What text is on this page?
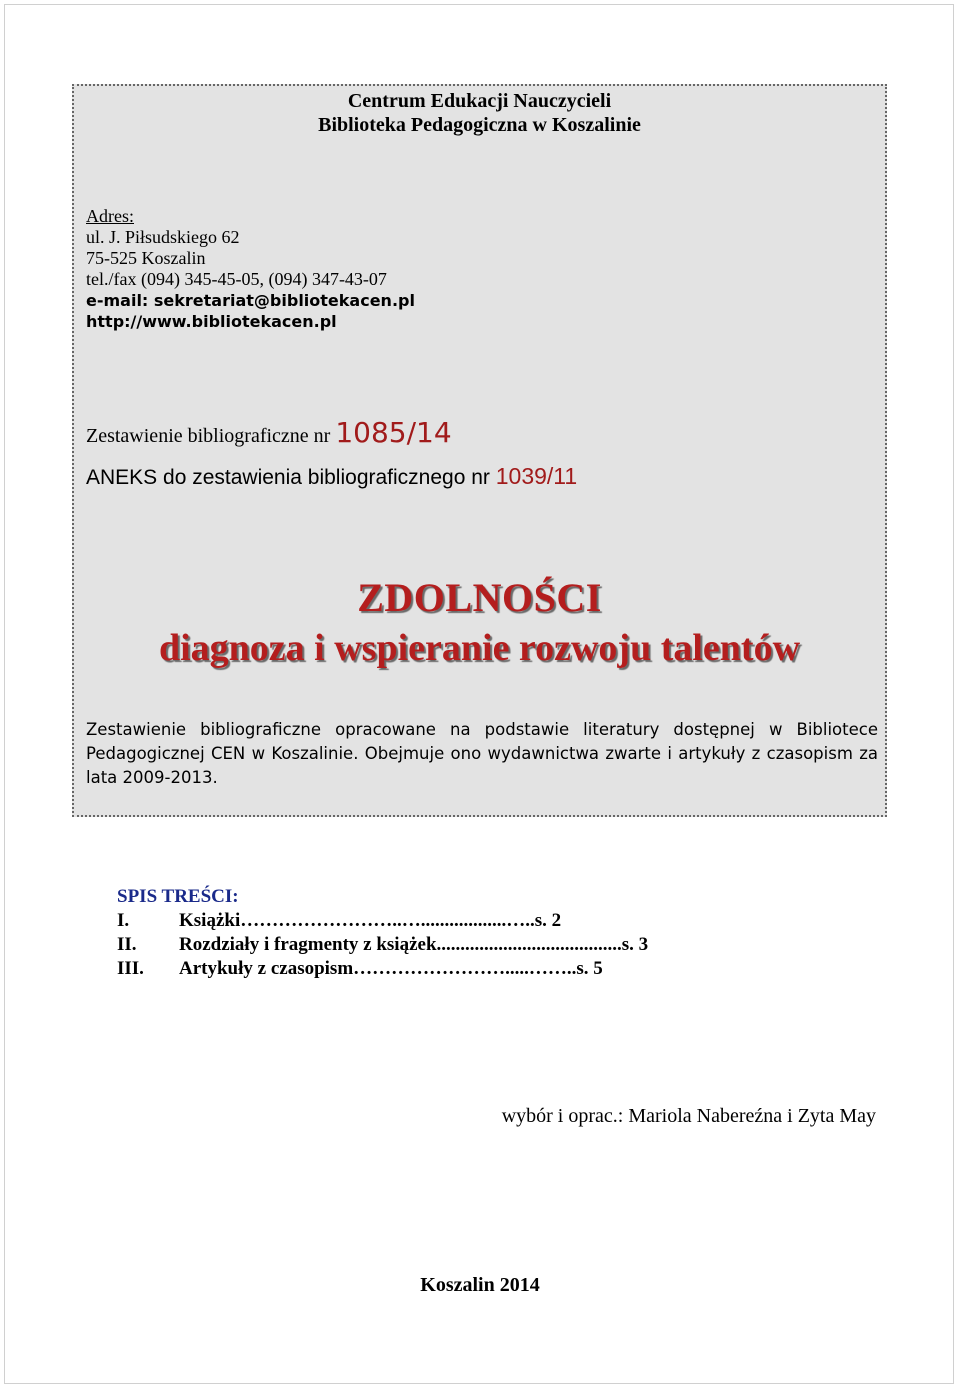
Centrum Edukacji Nauczycieli
Biblioteka Pedagogiczna w Koszalinie
Adres:
ul. J. Piłsudskiego 62
75-525 Koszalin
tel./fax (094) 345-45-05, (094) 347-43-07
e-mail: sekretariat@bibliotekacen.pl
http://www.bibliotekacen.pl
Zestawienie bibliograficzne nr 1085/14
ANEKS do zestawienia bibliograficznego nr 1039/11
ZDOLNOŚCI
diagnoza i wspieranie rozwoju talentów
Zestawienie bibliograficzne opracowane na podstawie literatury dostępnej w Bibliotece Pedagogicznej CEN w Koszalinie. Obejmuje ono wydawnictwa zwarte i artykuły z czasopism za lata 2009-2013.
SPIS TREŚCI:
I.	Książki……………………..…..................…..s. 2
II.	Rozdziały i fragmenty z książek.......................................s. 3
III.	Artykuły z czasopism…………………….....……..s. 5
wybór i oprac.: Mariola Nabereźna i Zyta May
Koszalin 2014
